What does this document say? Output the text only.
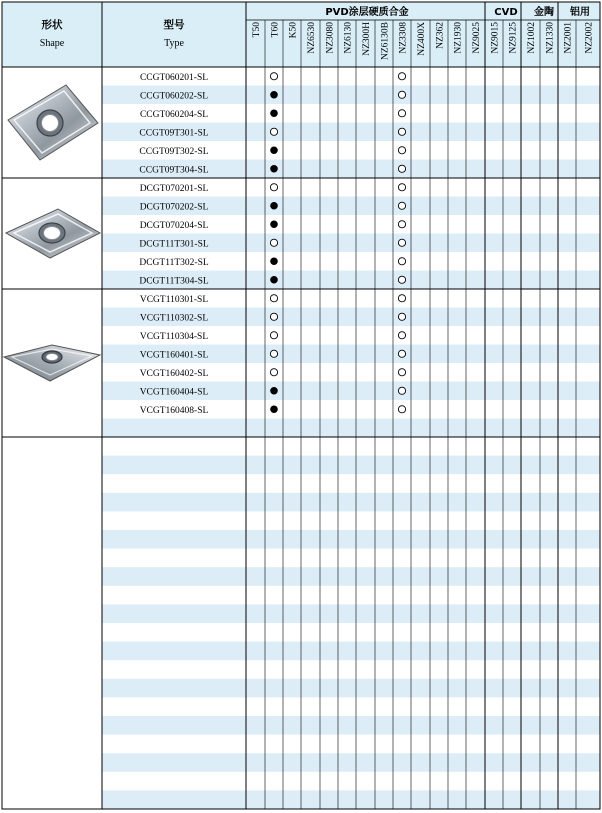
形状
Shape
型号
Type
PVD涂层硬质合金	CVD 金陶 铝用
T50 T60 K50 NZ6530 NZ3080 NZ6130 NZ300H NZ6130B NZ3308 NZ400X NZ362 NZ1930 NZ9025 NZ9015 NZ9125 NZ1002 NZ1330 NZ2001 NZ2002
CCGT060201-SL
CCGT060202-SL
CCGT060204-SL
CCGT09T301-SL
CCGT09T302-SL
CCGT09T304-SL
DCGT070201-SL
DCGT070202-SL
DCGT070204-SL
DCGT11T301-SL
DCGT11T302-SL
DCGT11T304-SL
VCGT110301-SL
VCGT110302-SL
VCGT110304-SL
VCGT160401-SL
VCGT160402-SL
VCGT160404-SL
VCGT160408-SL
